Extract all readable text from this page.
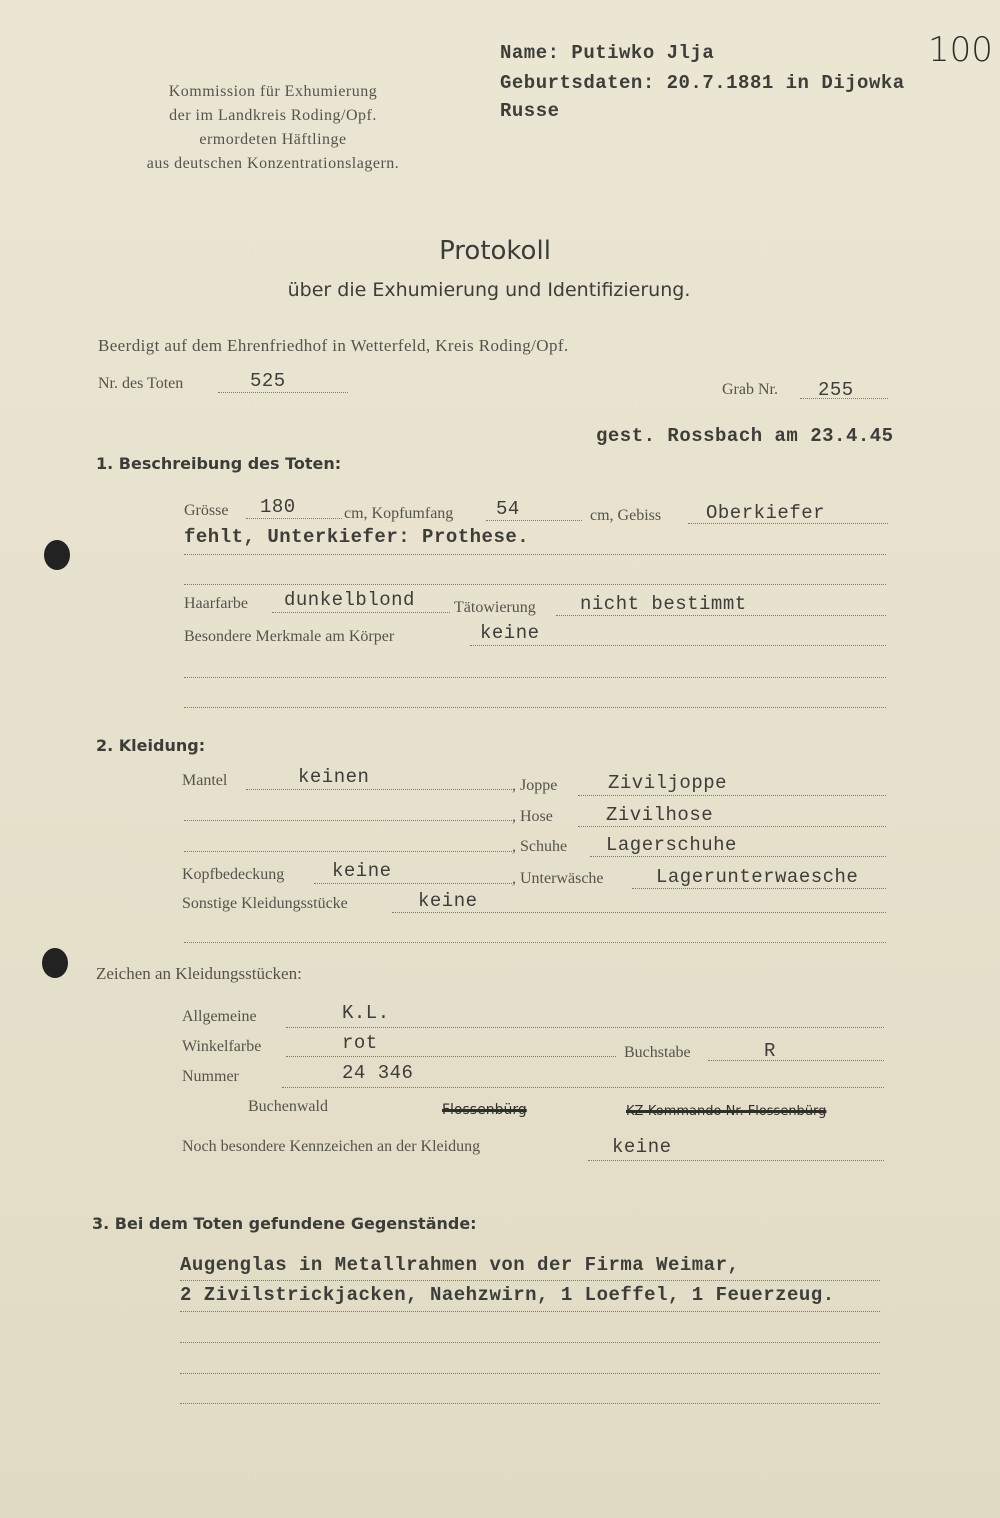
Name: Putiwko Jlja
Geburtsdaten: 20.7.1881 in Dijowka
Russe
100
Kommission für Exhumierung
der im Landkreis Roding/Opf.
ermordeten Häftlinge
aus deutschen Konzentrationslagern.
Protokoll
über die Exhumierung und Identifizierung.
Beerdigt auf dem Ehrenfriedhof in Wetterfeld, Kreis Roding/Opf.
Nr. des Toten	525	Grab Nr. 255
gest. Rossbach am 23.4.45
1. Beschreibung des Toten:
Grösse 180	cm, Kopfumfang 54	cm, Gebiss Oberkiefer
fehlt, Unterkiefer: Prothese.
Haarfarbe dunkelblond Tätowierung nicht bestimmt
Besondere Merkmale am Körper	keine
2. Kleidung:
Mantel	keinen	, Joppe	Ziviljoppe
, Hose	Zivilhose
, Schuhe Lagerschuhe
Kopfbedeckung	keine	, Unterwäsche	Lagerunterwaesche
Sonstige Kleidungsstücke	keine
Zeichen an Kleidungsstücken:
Allgemeine	K.L.
Winkelfarbe	rot	Buchstabe	R
Nummer	24 346
Buchenwald	Flossenbürg	KZ-Kommando Nr. Flossenbürg
Noch besondere Kennzeichen an der Kleidung	keine
3. Bei dem Toten gefundene Gegenstände:
Augenglas in Metallrahmen von der Firma Weimar,
2 Zivilstrickjacken, Naehzwirn, 1 Loeffel, 1 Feuerzeug.
